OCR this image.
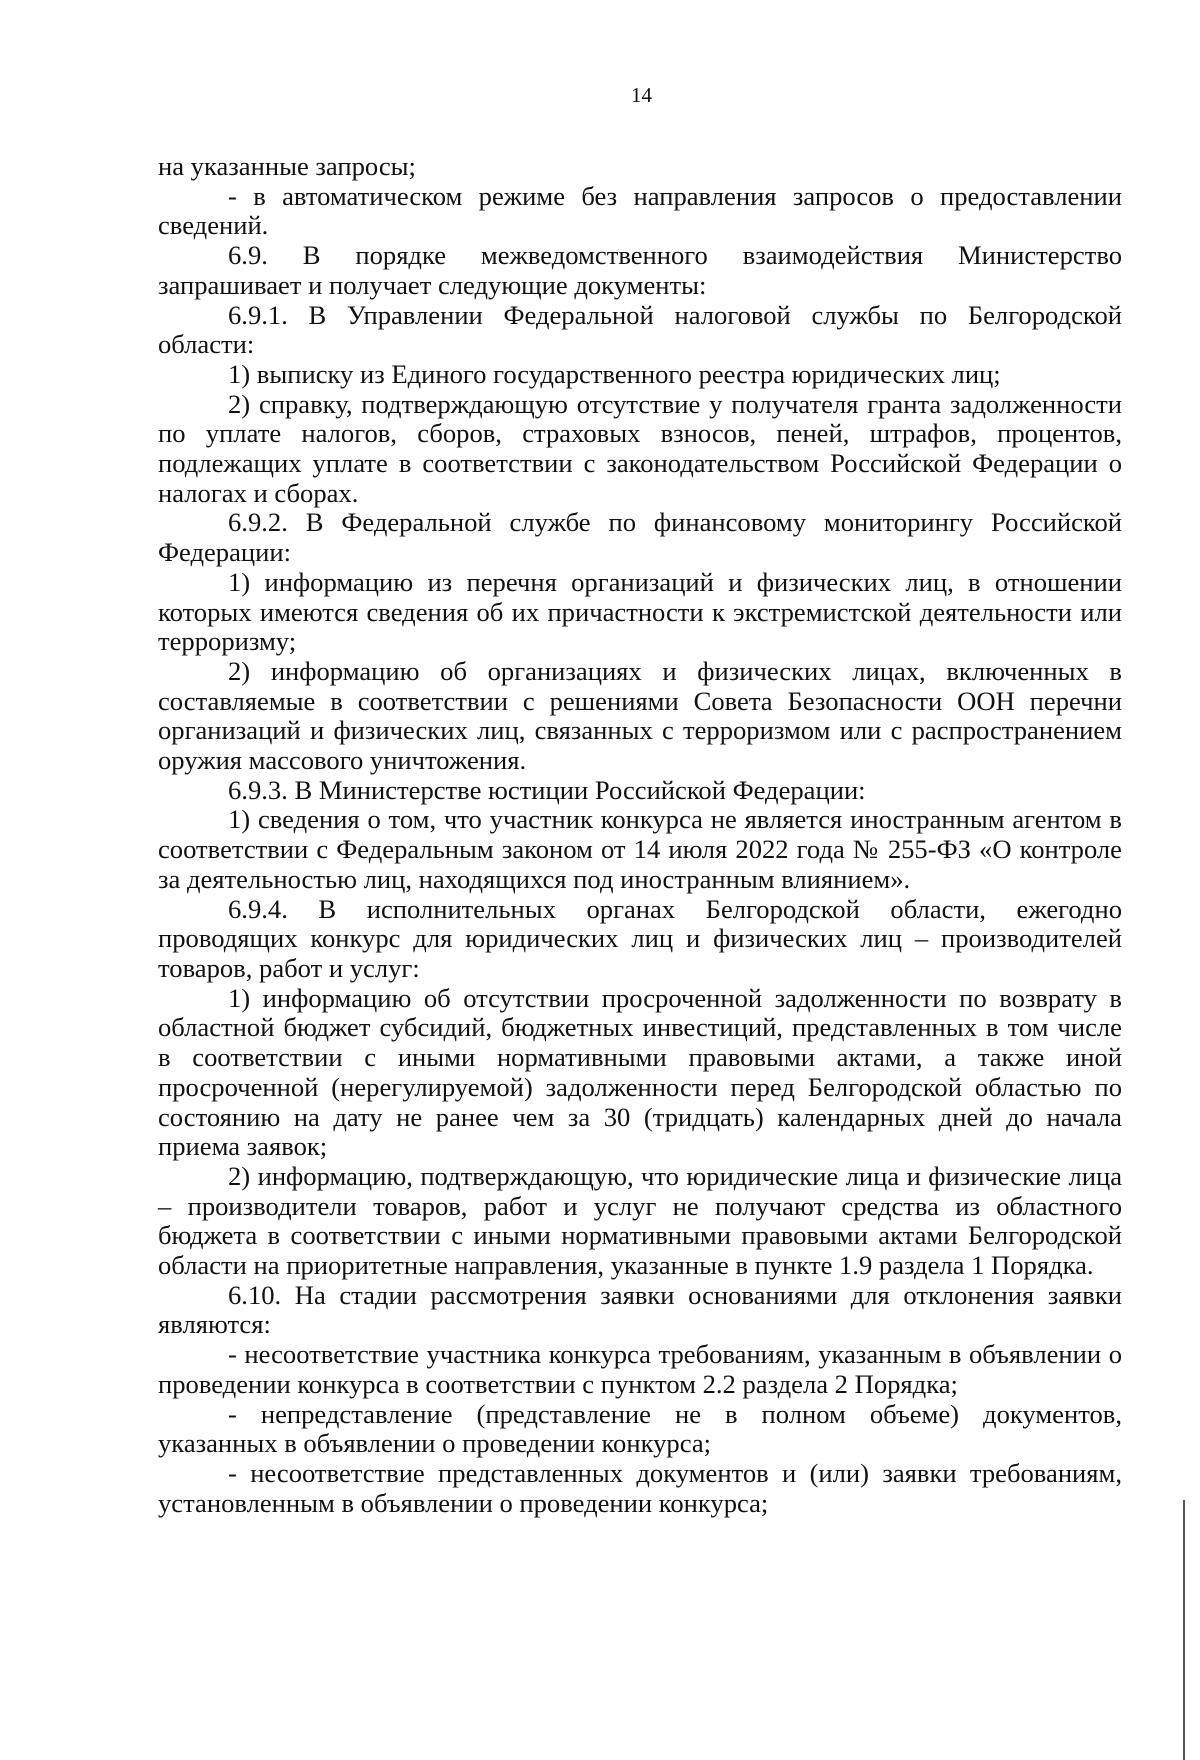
14

на указанные запросы;

- в автоматическом режиме без направления запросов о предоставлении сведений.

6.9. В порядке межведомственного взаимодействия Министерство запрашивает и получает следующие документы:

6.9.1. В Управлении Федеральной налоговой службы по Белгородской области:

1) выписку из Единого государственного реестра юридических лиц;

2) справку, подтверждающую отсутствие у получателя гранта задолженности по уплате налогов, сборов, страховых взносов, пеней, штрафов, процентов, подлежащих уплате в соответствии с законодательством Российской Федерации о налогах и сборах.

6.9.2. В Федеральной службе по финансовому мониторингу Российской Федерации:

1) информацию из перечня организаций и физических лиц, в отношении которых имеются сведения об их причастности к экстремистской деятельности или терроризму;

2) информацию об организациях и физических лицах, включенных в составляемые в соответствии с решениями Совета Безопасности ООН перечни организаций и физических лиц, связанных с терроризмом или с распространением оружия массового уничтожения.

6.9.3. В Министерстве юстиции Российской Федерации:

1) сведения о том, что участник конкурса не является иностранным агентом в соответствии с Федеральным законом от 14 июля 2022 года № 255-ФЗ «О контроле за деятельностью лиц, находящихся под иностранным влиянием».

6.9.4. В исполнительных органах Белгородской области, ежегодно проводящих конкурс для юридических лиц и физических лиц – производителей товаров, работ и услуг:

1) информацию об отсутствии просроченной задолженности по возврату в областной бюджет субсидий, бюджетных инвестиций, представленных в том числе в соответствии с иными нормативными правовыми актами, а также иной просроченной (нерегулируемой) задолженности перед Белгородской областью по состоянию на дату не ранее чем за 30 (тридцать) календарных дней до начала приема заявок;

2) информацию, подтверждающую, что юридические лица и физические лица – производители товаров, работ и услуг не получают средства из областного бюджета в соответствии с иными нормативными правовыми актами Белгородской области на приоритетные направления, указанные в пункте 1.9 раздела 1 Порядка.

6.10. На стадии рассмотрения заявки основаниями для отклонения заявки являются:

- несоответствие участника конкурса требованиям, указанным в объявлении о проведении конкурса в соответствии с пунктом 2.2 раздела 2 Порядка;

- непредставление (представление не в полном объеме) документов, указанных в объявлении о проведении конкурса;

- несоответствие представленных документов и (или) заявки требованиям, установленным в объявлении о проведении конкурса;
